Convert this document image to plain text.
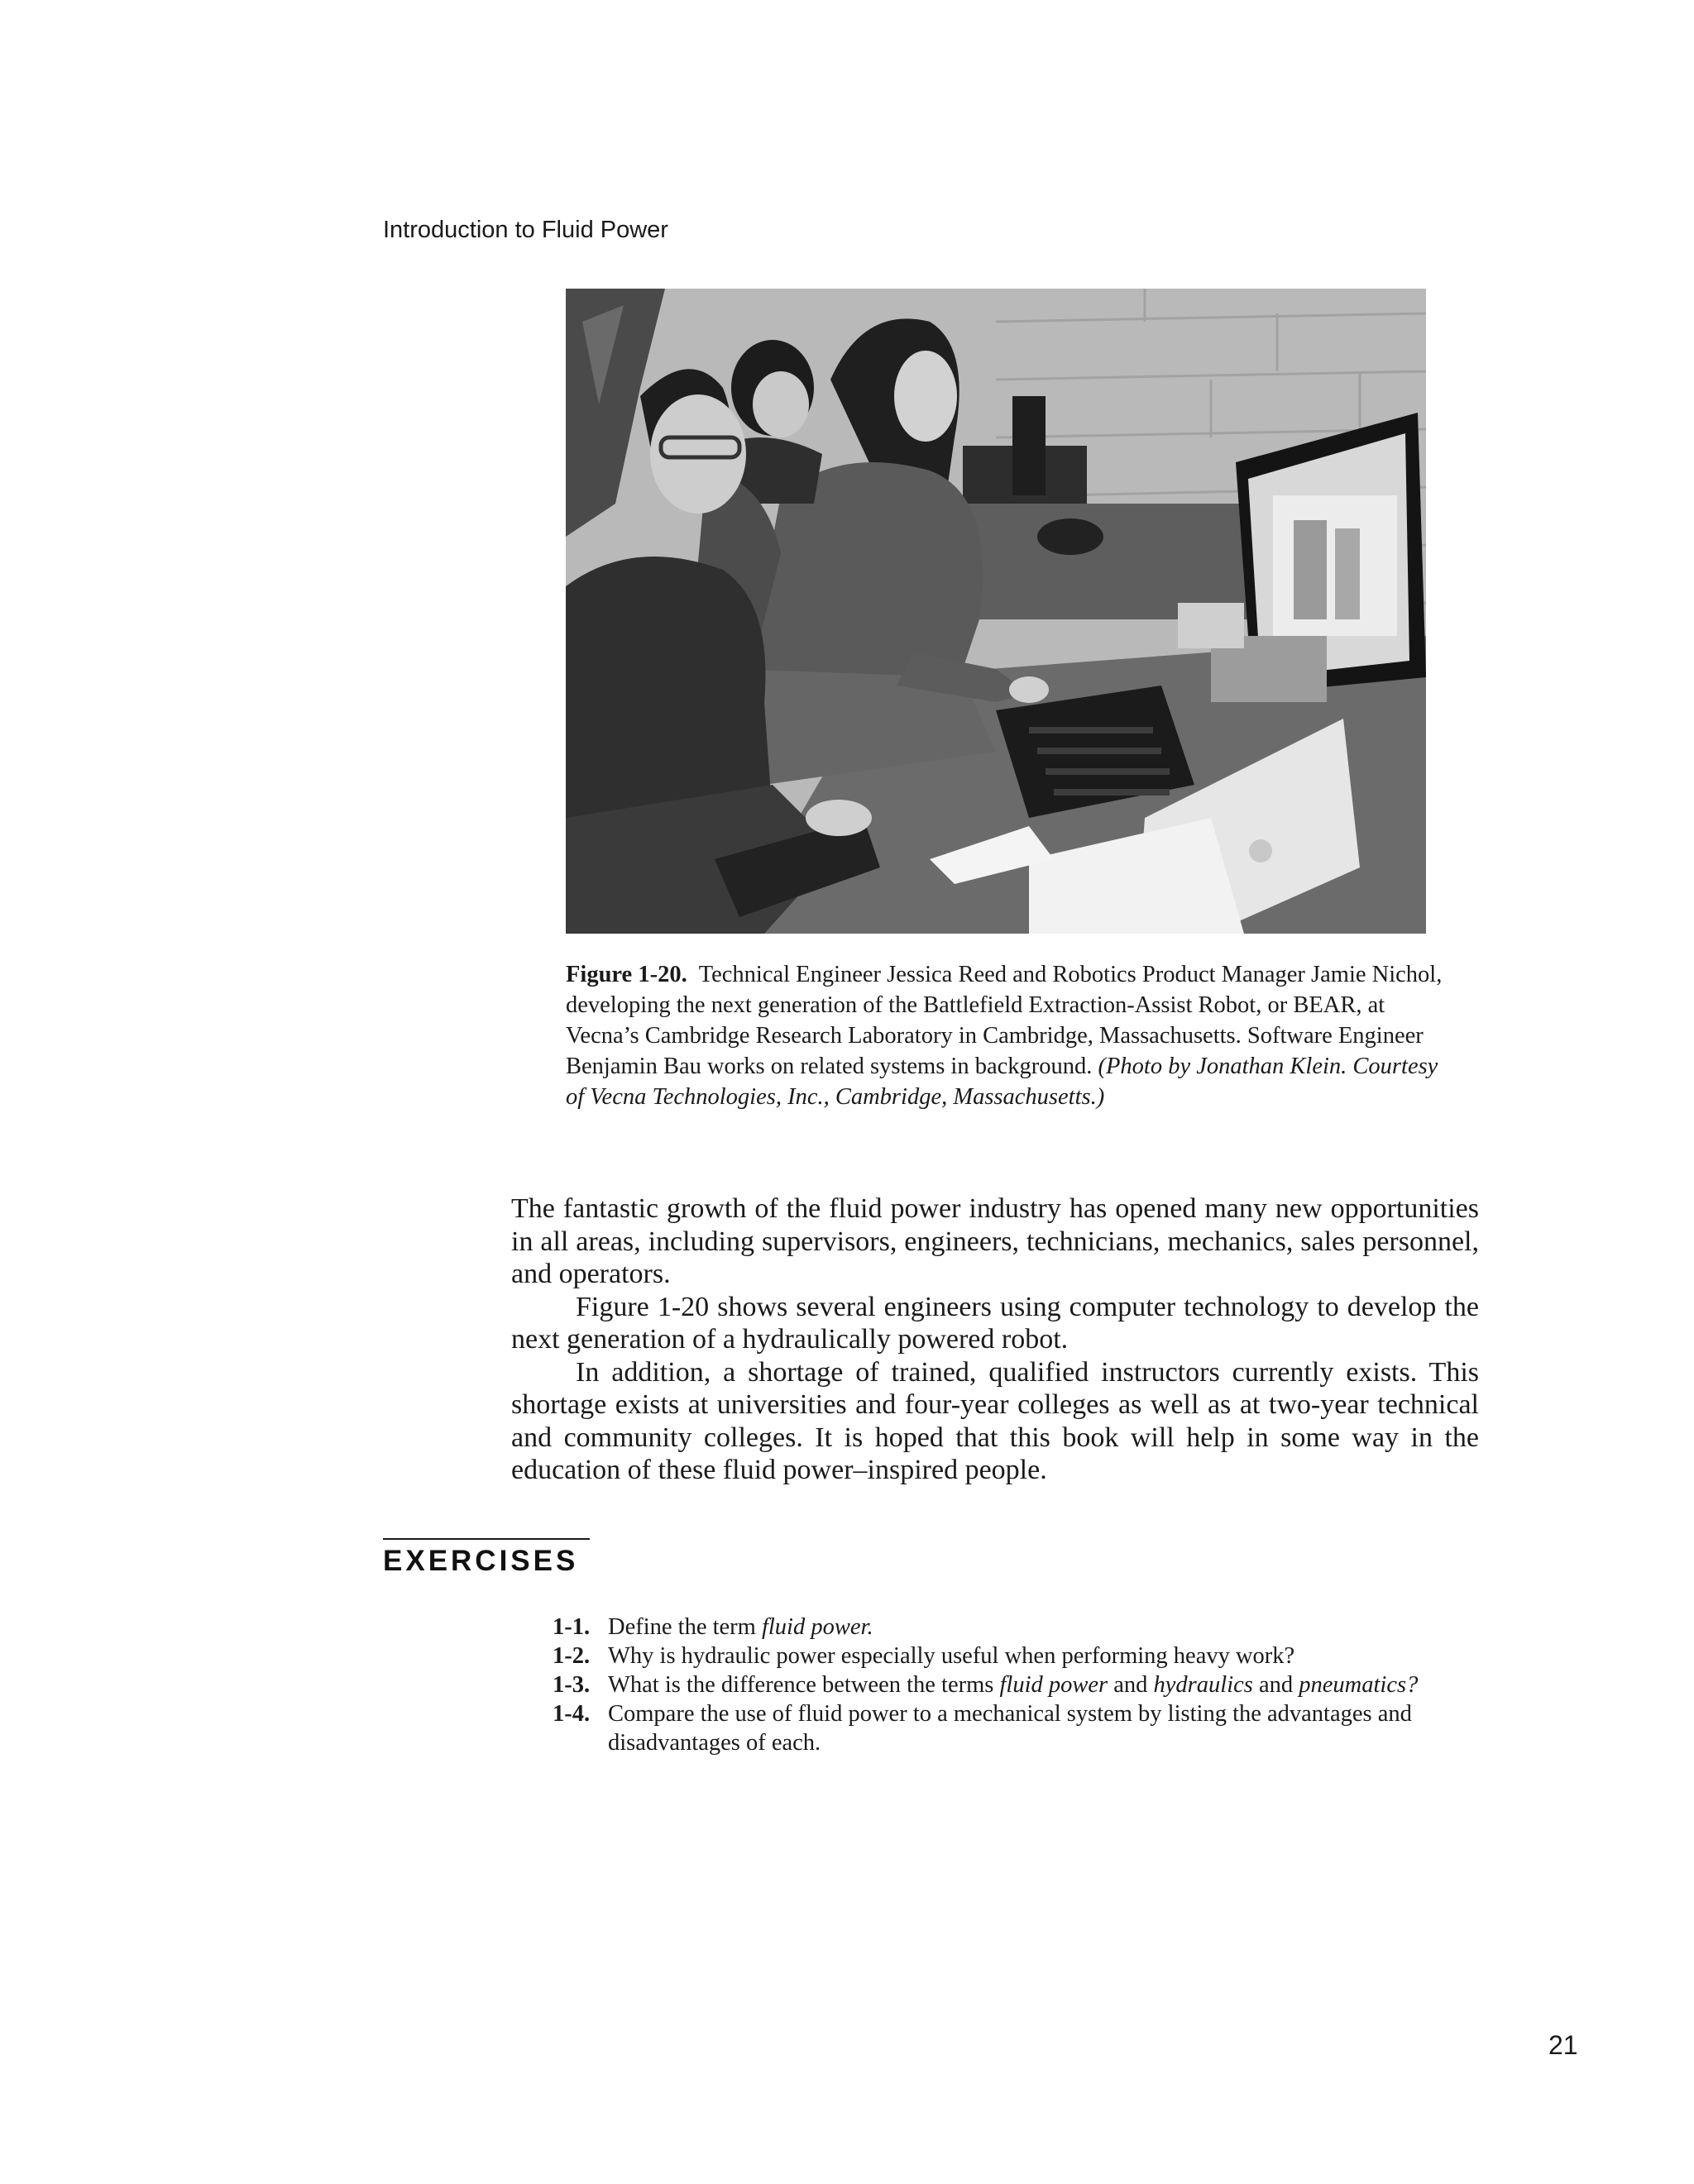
Introduction to Fluid Power
Figure 1-20. Technical Engineer Jessica Reed and Robotics Product Manager Jamie Nichol, developing the next generation of the Battlefield Extraction-Assist Robot, or BEAR, at Vecna’s Cambridge Research Laboratory in Cambridge, Massachusetts. Software Engineer Benjamin Bau works on related systems in background. (Photo by Jonathan Klein. Courtesy of Vecna Technologies, Inc., Cambridge, Massachusetts.)

The fantastic growth of the fluid power industry has opened many new opportunities in all areas, including supervisors, engineers, technicians, mechanics, sales personnel, and operators.

Figure 1-20 shows several engineers using computer technology to develop the next generation of a hydraulically powered robot.

In addition, a shortage of trained, qualified instructors currently exists. This shortage exists at universities and four-year colleges as well as at two-year technical and community colleges. It is hoped that this book will help in some way in the education of these fluid power–inspired people.

EXERCISES
1-1. Define the term fluid power.
1-2. Why is hydraulic power especially useful when performing heavy work?
1-3. What is the difference between the terms fluid power and hydraulics and pneumatics?
1-4. Compare the use of fluid power to a mechanical system by listing the advantages and disadvantages of each.
21
